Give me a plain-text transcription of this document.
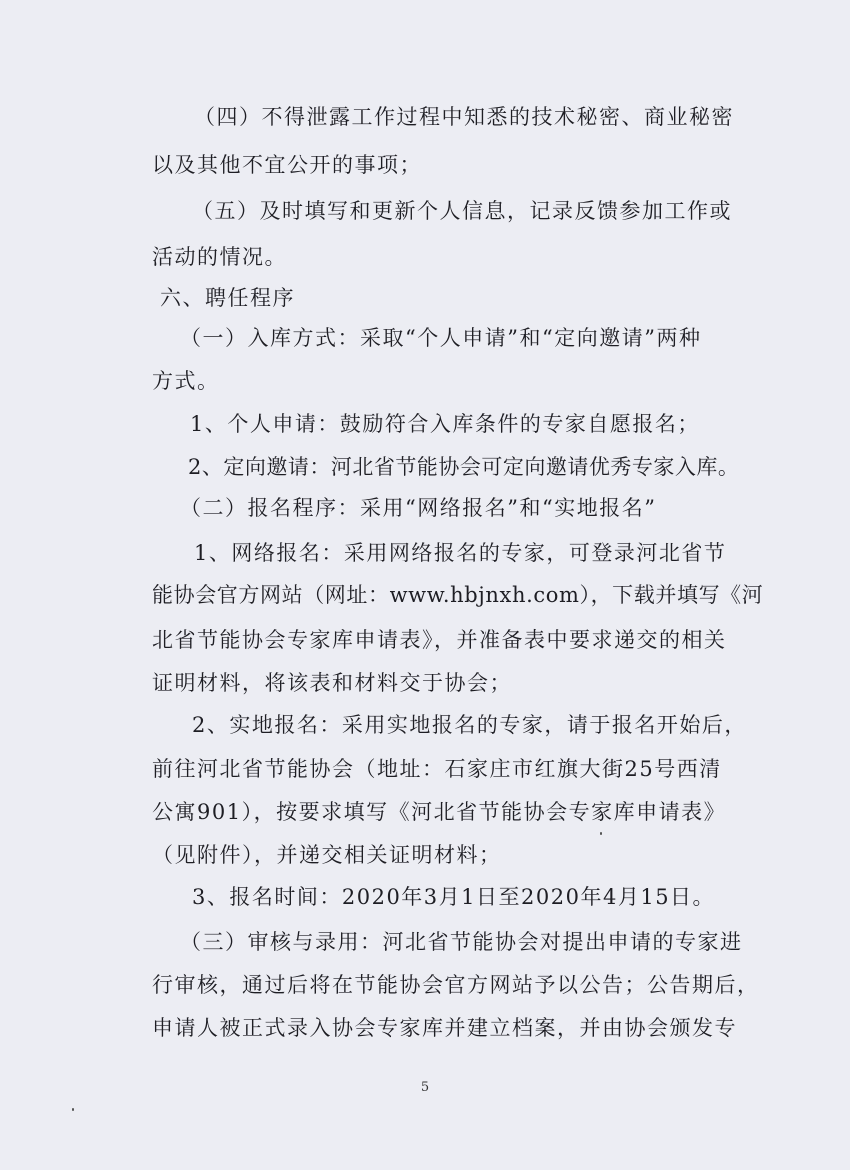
（四）不得泄露工作过程中知悉的技术秘密、商业秘密
以及其他不宜公开的事项；
（五）及时填写和更新个人信息，记录反馈参加工作或
活动的情况。
六、聘任程序
（一）入库方式：采取“个人申请”和“定向邀请”两种
方式。
1、个人申请：鼓励符合入库条件的专家自愿报名；
2、定向邀请：河北省节能协会可定向邀请优秀专家入库。
（二）报名程序：采用“网络报名”和“实地报名”
1、网络报名：采用网络报名的专家，可登录河北省节
能协会官方网站（网址：www.hbjnxh.com），下载并填写《河
北省节能协会专家库申请表》，并准备表中要求递交的相关
证明材料，将该表和材料交于协会；
2、实地报名：采用实地报名的专家，请于报名开始后，
前往河北省节能协会（地址：石家庄市红旗大街25号西清
公寓901），按要求填写《河北省节能协会专家库申请表》
（见附件），并递交相关证明材料；
3、报名时间：2020年3月1日至2020年4月15日。
（三）审核与录用：河北省节能协会对提出申请的专家进
行审核，通过后将在节能协会官方网站予以公告；公告期后，
申请人被正式录入协会专家库并建立档案，并由协会颁发专
5
